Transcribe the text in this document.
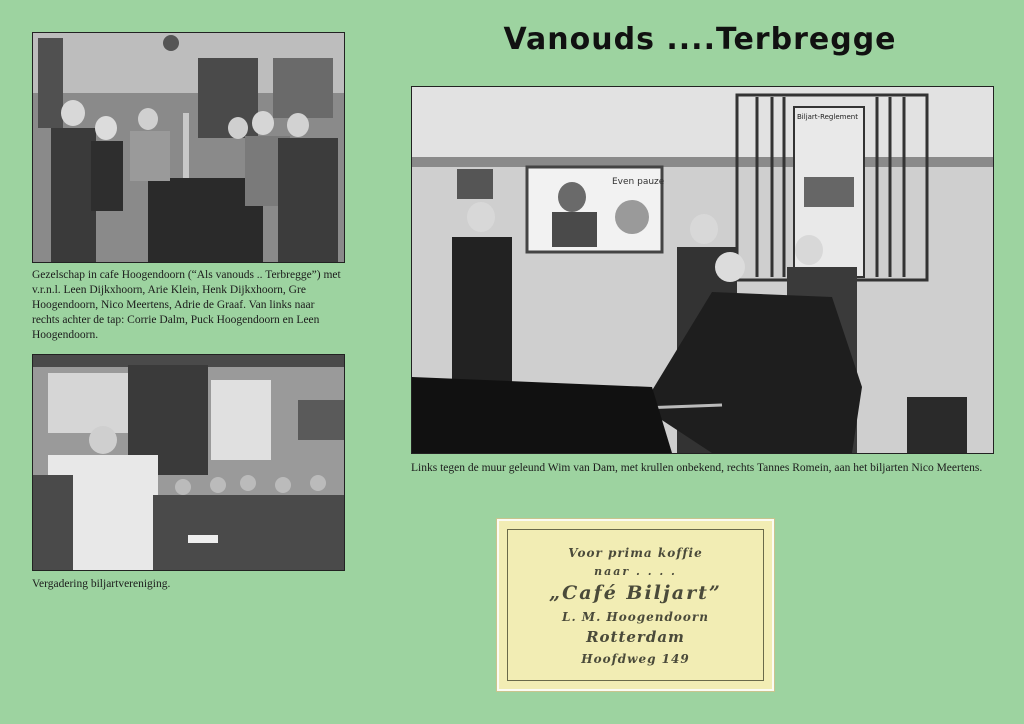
Vanouds ....Terbregge
Gezelschap in cafe Hoogendoorn (“Als vanouds .. Terbregge”) met v.r.n.l. Leen Dijkxhoorn, Arie Klein, Henk Dijkxhoorn, Gre Hoogendoorn, Nico Meertens, Adrie de Graaf. Van links naar rechts achter de tap: Corrie Dalm, Puck Hoogendoorn en Leen Hoogendoorn.
Vergadering biljartvereniging.
Even pauze
Biljart-Reglement
Links tegen de muur geleund Wim van Dam, met krullen onbekend, rechts Tannes Romein, aan het biljarten Nico Meertens.
Voor prima koffie
naar . . . .
„Café Biljart”
L. M. Hoogendoorn
Rotterdam
Hoofdweg 149
